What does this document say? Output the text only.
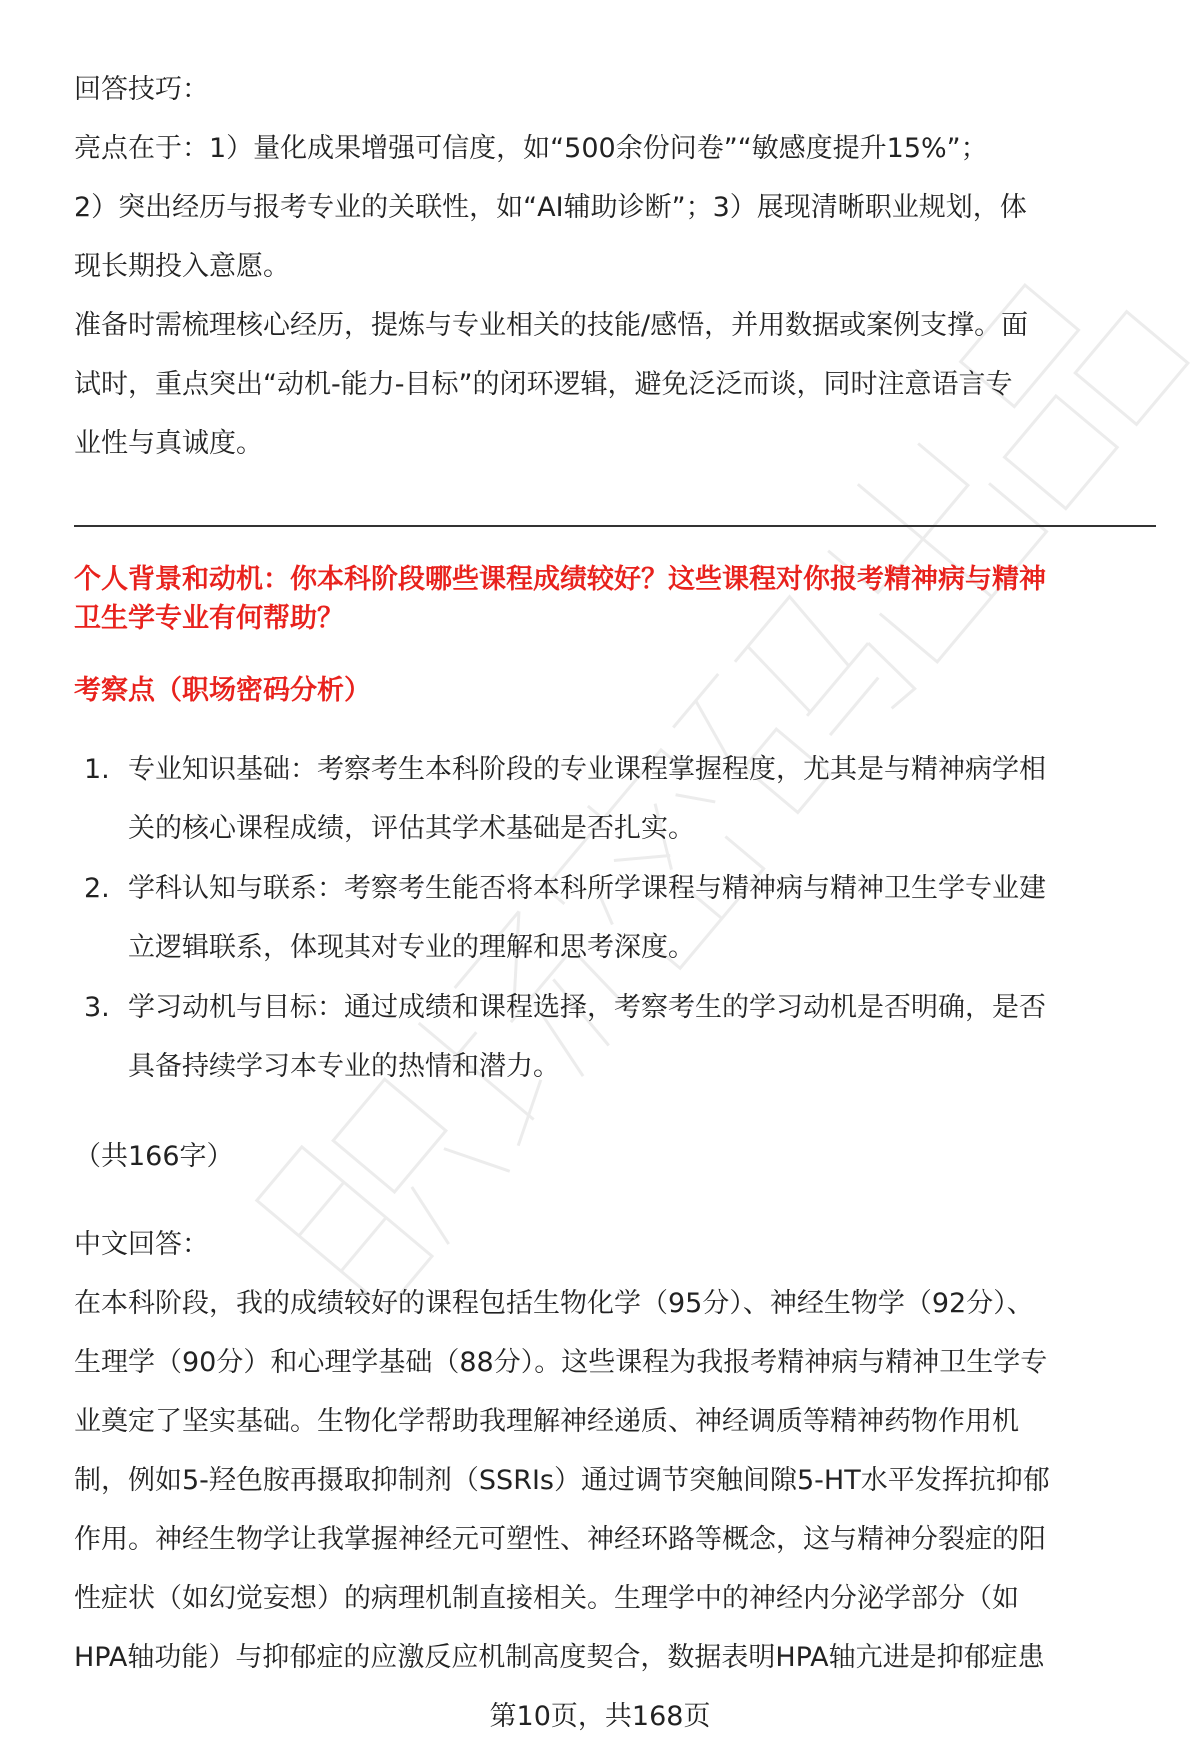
回答技巧：
亮点在于：1）量化成果增强可信度，如“500余份问卷”“敏感度提升15%”；
2）突出经历与报考专业的关联性，如“AI辅助诊断”；3）展现清晰职业规划，体
现长期投入意愿。
准备时需梳理核心经历，提炼与专业相关的技能/感悟，并用数据或案例支撑。面
试时，重点突出“动机-能力-目标”的闭环逻辑，避免泛泛而谈，同时注意语言专
业性与真诚度。
个人背景和动机：你本科阶段哪些课程成绩较好？这些课程对你报考精神病与精神
卫生学专业有何帮助？
考察点（职场密码分析）
1. 专业知识基础：考察考生本科阶段的专业课程掌握程度，尤其是与精神病学相
关的核心课程成绩，评估其学术基础是否扎实。
2. 学科认知与联系：考察考生能否将本科所学课程与精神病与精神卫生学专业建
立逻辑联系，体现其对专业的理解和思考深度。
3. 学习动机与目标：通过成绩和课程选择，考察考生的学习动机是否明确，是否
具备持续学习本专业的热情和潜力。
（共166字）
中文回答：
在本科阶段，我的成绩较好的课程包括生物化学（95分）、神经生物学（92分）、
生理学（90分）和心理学基础（88分）。这些课程为我报考精神病与精神卫生学专
业奠定了坚实基础。生物化学帮助我理解神经递质、神经调质等精神药物作用机
制，例如5-羟色胺再摄取抑制剂（SSRIs）通过调节突触间隙5-HT水平发挥抗抑郁
作用。神经生物学让我掌握神经元可塑性、神经环路等概念，这与精神分裂症的阳
性症状（如幻觉妄想）的病理机制直接相关。生理学中的神经内分泌学部分（如
HPA轴功能）与抑郁症的应激反应机制高度契合，数据表明HPA轴亢进是抑郁症患
第10页，共168页
